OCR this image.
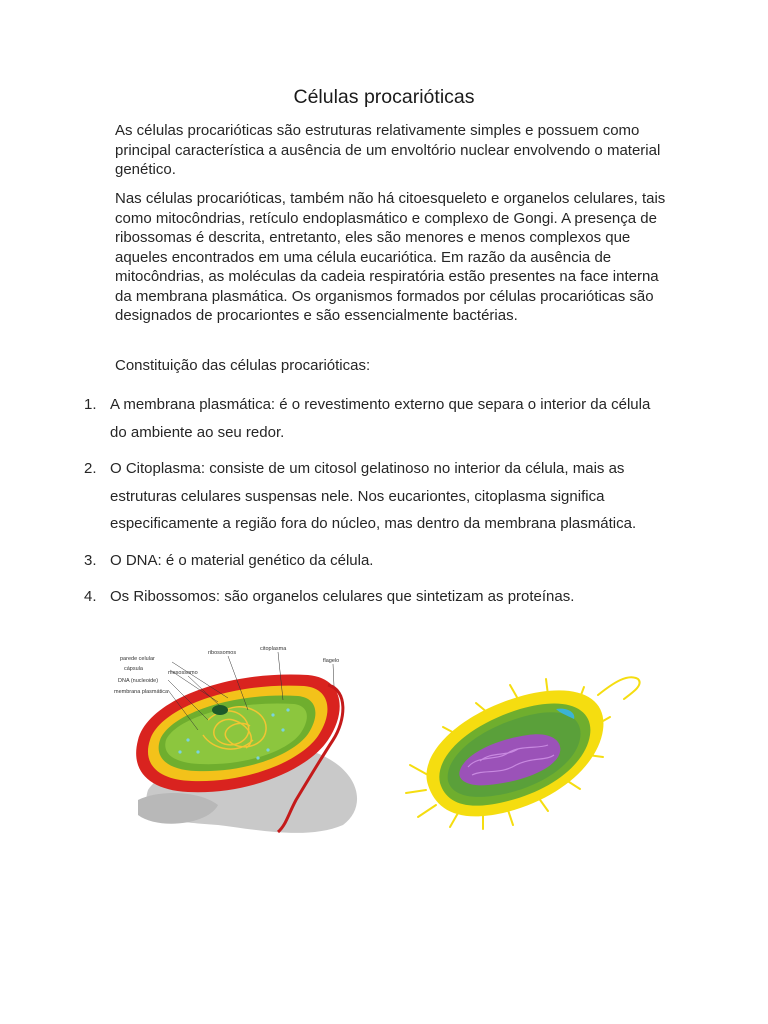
Células procarióticas

As células procarióticas são estruturas relativamente simples e possuem como principal característica a ausência de um envoltório nuclear envolvendo o material genético.

Nas células procarióticas, também não há citoesqueleto e organelos celulares, tais como mitocôndrias, retículo endoplasmático e complexo de Gongi. A presença de ribossomas é descrita, entretanto, eles são menores e menos complexos que aqueles encontrados em uma célula eucariótica. Em razão da ausência de mitocôndrias, as moléculas da cadeia respiratória estão presentes na face interna da membrana plasmática. Os organismos formados por células procarióticas são designados de procariontes e são essencialmente bactérias.

Constituição das células procarióticas:

1. A membrana plasmática: é o revestimento externo que separa o interior da célula do ambiente ao seu redor.
2. O Citoplasma: consiste de um citosol gelatinoso no interior da célula, mais as estruturas celulares suspensas nele. Nos eucariontes, citoplasma significa especificamente a região fora do núcleo, mas dentro da membrana plasmática.
3. O DNA: é o material genético da célula.
4. Os Ribossomos: são organelos celulares que sintetizam as proteínas.
parede celular
cápsula
mesossomo
DNA (nucleoide)
membrana plasmática
ribossomos
citoplasma
flagelo
